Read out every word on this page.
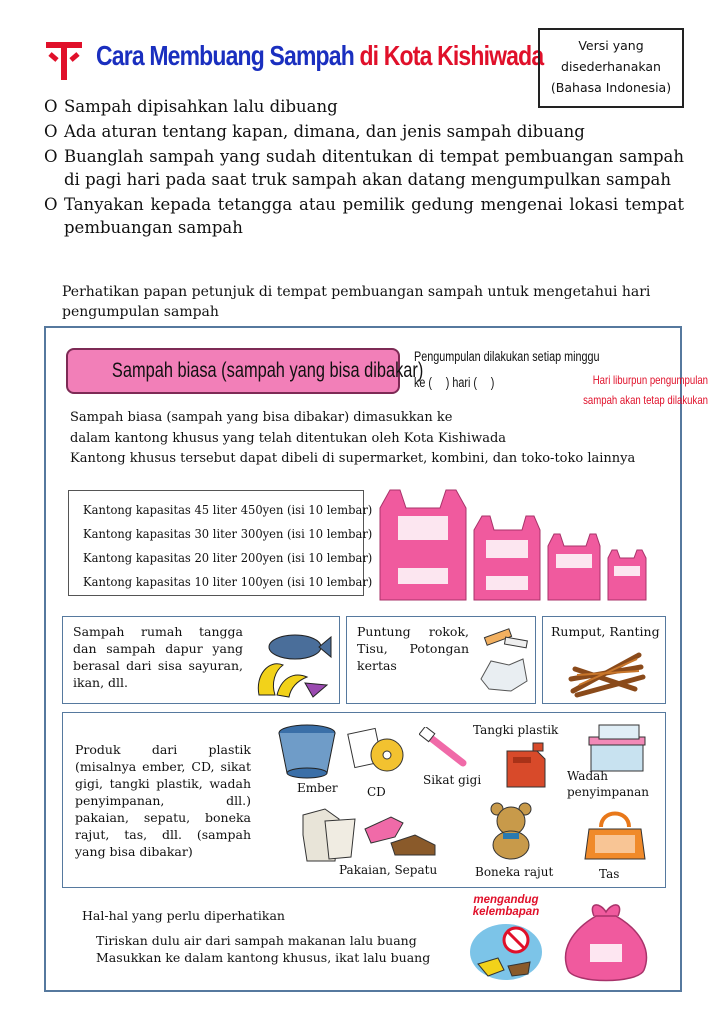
Cara Membuang Sampah di Kota Kishiwada	Versi yang
disederhanakan
(Bahasa Indonesia)
O Sampah dipisahkan lalu dibuang
O Ada aturan tentang kapan, dimana, dan jenis sampah dibuang
O Buanglah sampah yang sudah ditentukan di tempat pembuangan sampah di pagi hari pada saat truk sampah akan datang mengumpulkan sampah
O Tanyakan kepada tetangga atau pemilik gedung mengenai lokasi tempat pembuangan sampah
Perhatikan papan petunjuk di tempat pembuangan sampah untuk mengetahui hari pengumpulan sampah
Sampah biasa (sampah yang bisa dibakar)
Pengumpulan dilakukan setiap minggu
ke (　 ) hari (　 )	Hari liburpun pengumpulan
sampah akan tetap dilakukan
Sampah biasa (sampah yang bisa dibakar) dimasukkan ke
dalam kantong khusus yang telah ditentukan oleh Kota Kishiwada
Kantong khusus tersebut dapat dibeli di supermarket, kombini, dan toko-toko lainnya
Kantong kapasitas 45 liter 450yen (isi 10 lembar)
Kantong kapasitas 30 liter 300yen (isi 10 lembar)
Kantong kapasitas 20 liter 200yen (isi 10 lembar)
Kantong kapasitas 10 liter 100yen (isi 10 lembar)
Sampah rumah tangga dan sampah dapur yang berasal dari sisa sayuran, ikan, dll.
Puntung rokok, Tisu, Potongan kertas
Rumput, Ranting
Produk dari plastik (misalnya ember, CD, sikat gigi, tangki plastik, wadah penyimpanan, dll.) pakaian, sepatu, boneka rajut, tas, dll. (sampah yang bisa dibakar)
Ember CD
Sikat gigi
Tangki plastik
Wadah
penyimpanan
Pakaian, Sepatu	Boneka rajut	Tas
Hal-hal yang perlu diperhatikan
Tiriskan dulu air dari sampah makanan lalu buang
Masukkan ke dalam kantong khusus, ikat lalu buang
mengandug
kelembapan
